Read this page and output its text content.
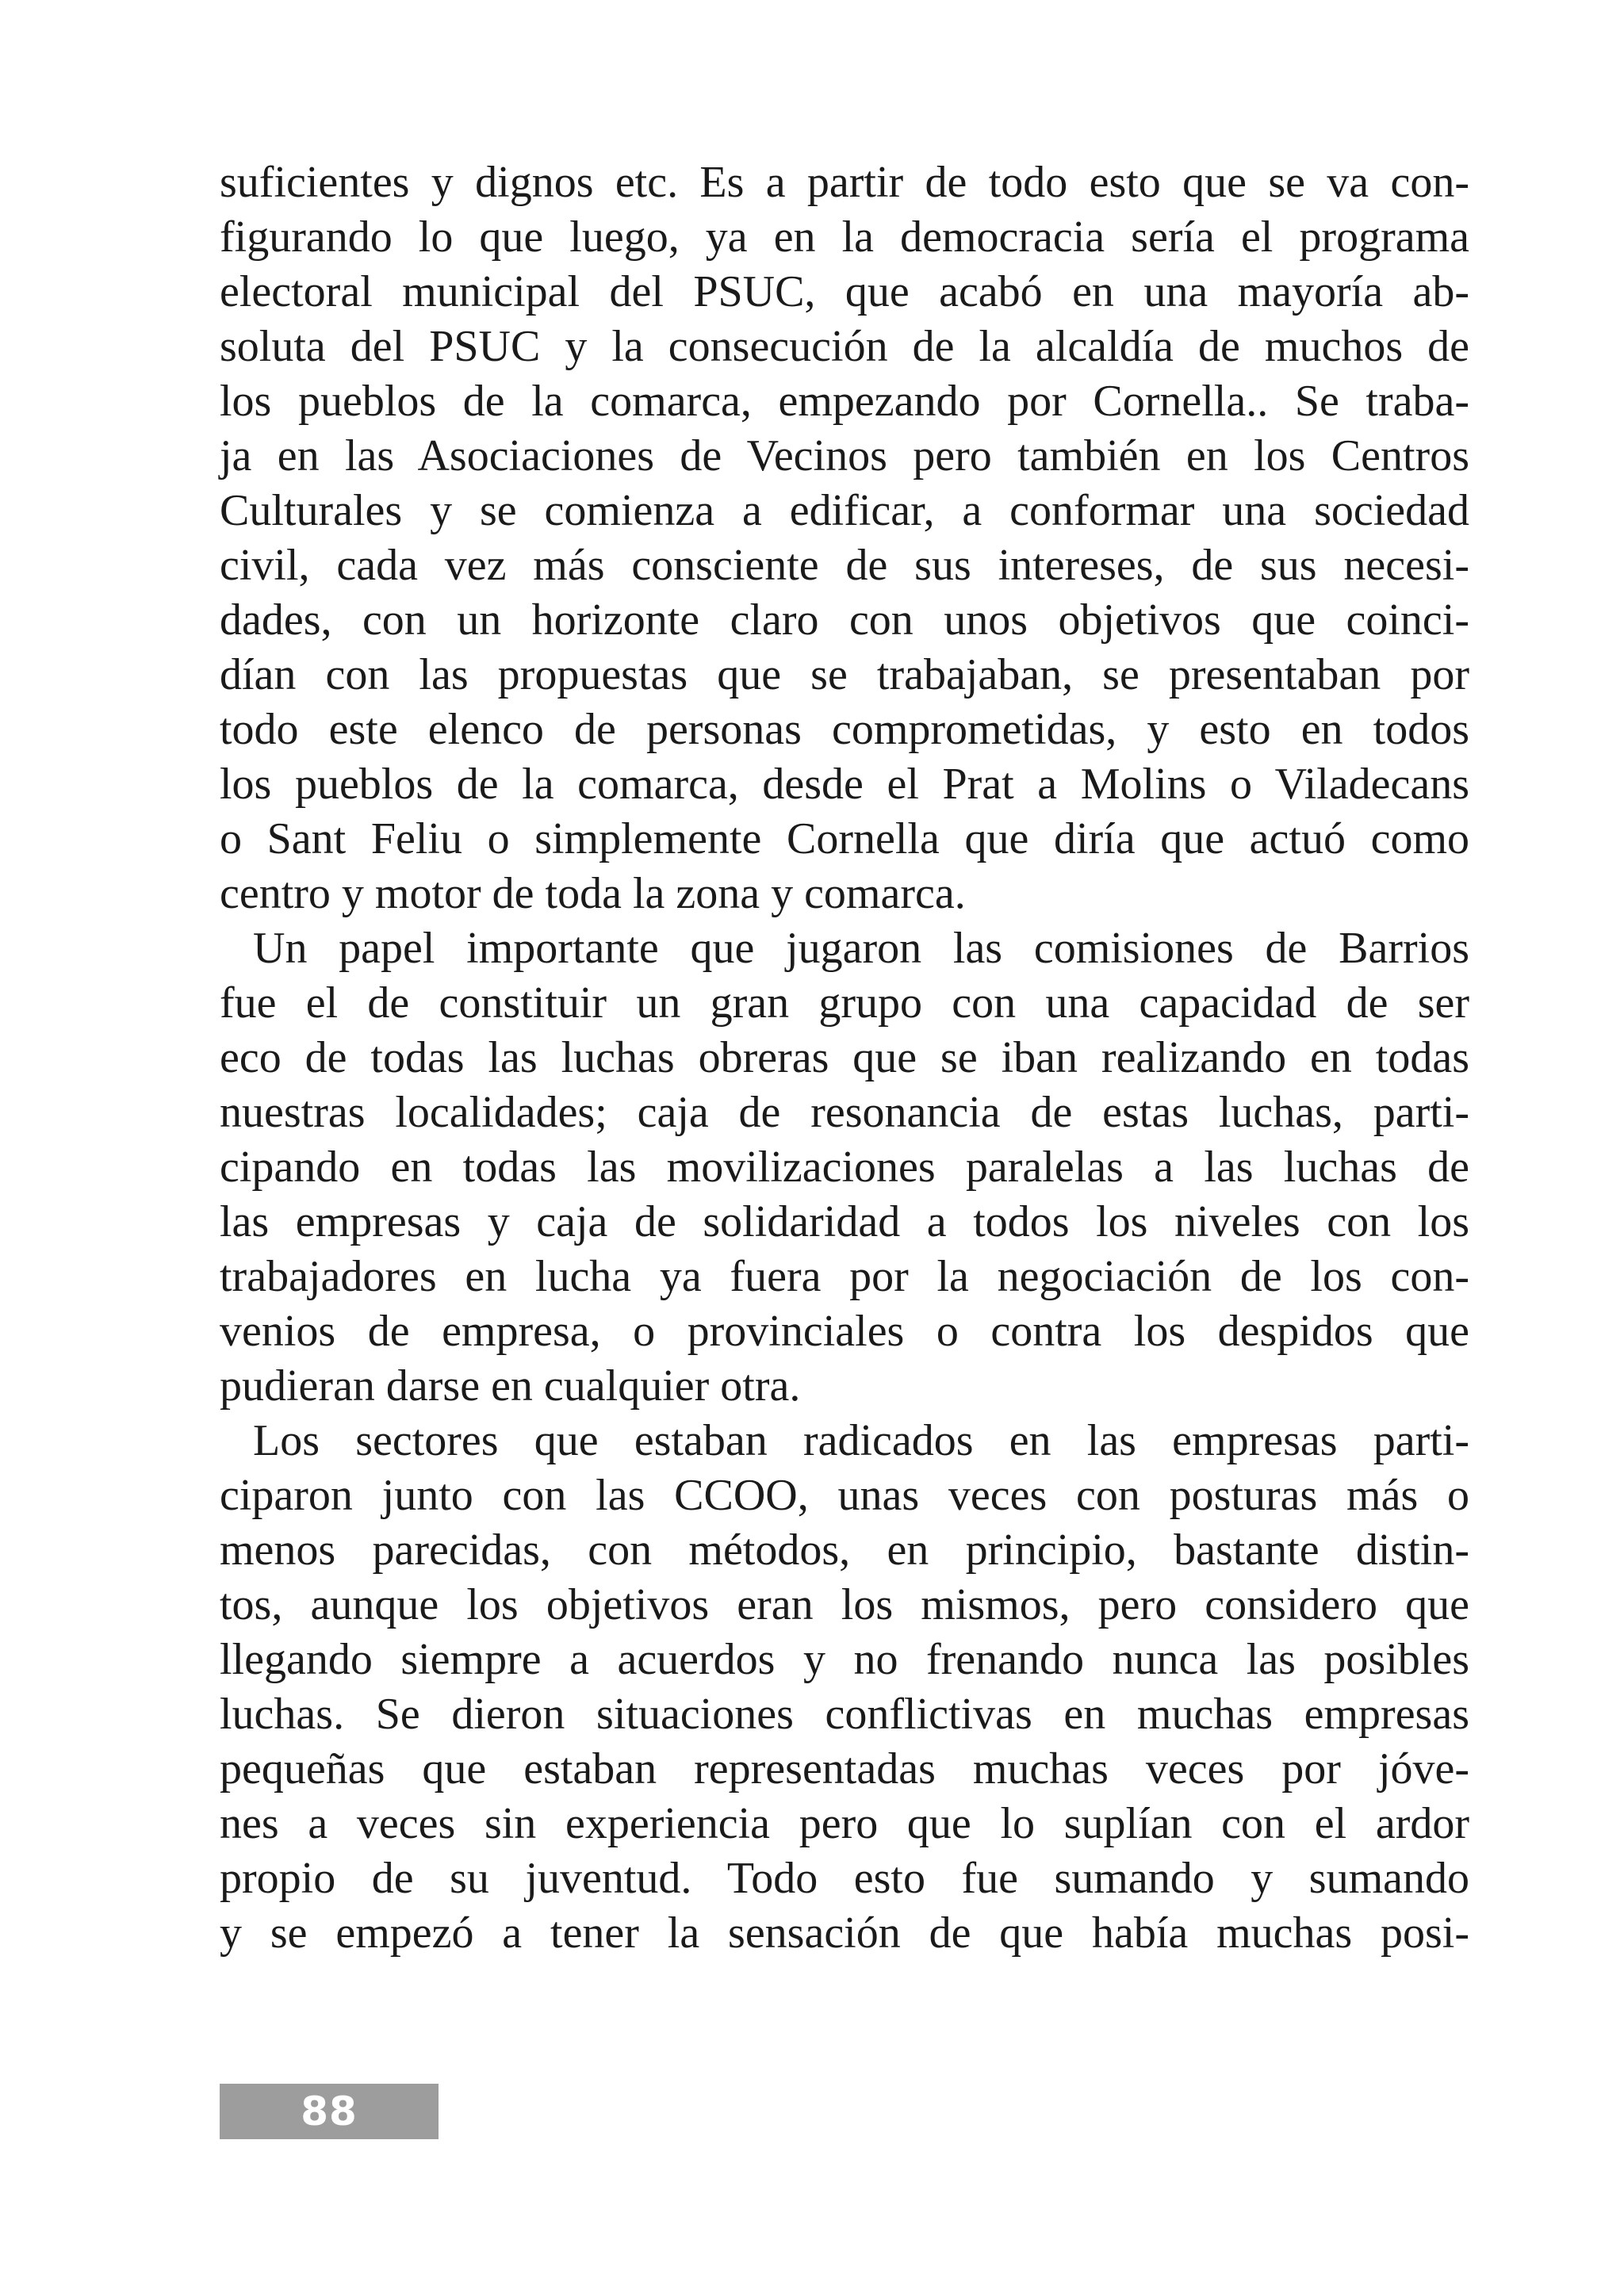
suficientes y dignos etc. Es a partir de todo esto que se va con-
figurando lo que luego, ya en la democracia sería el programa
electoral municipal del PSUC, que acabó en una mayoría ab-
soluta del PSUC y la consecución de la alcaldía de muchos de
los pueblos de la comarca, empezando por Cornella.. Se traba-
ja en las Asociaciones de Vecinos pero también en los Centros
Culturales y se comienza a edificar, a conformar una sociedad
civil, cada vez más consciente de sus intereses, de sus necesi-
dades, con un horizonte claro con unos objetivos que coinci-
dían con las propuestas que se trabajaban, se presentaban por
todo este elenco de personas comprometidas, y esto en todos
los pueblos de la comarca, desde el Prat a Molins o Viladecans
o Sant Feliu o simplemente Cornella que diría que actuó como
centro y motor de toda la zona y comarca.
Un papel importante que jugaron las comisiones de Barrios
fue el de constituir un gran grupo con una capacidad de ser
eco de todas las luchas obreras que se iban realizando en todas
nuestras localidades; caja de resonancia de estas luchas, parti-
cipando en todas las movilizaciones paralelas a las luchas de
las empresas y caja de solidaridad a todos los niveles con los
trabajadores en lucha ya fuera por la negociación de los con-
venios de empresa, o provinciales o contra los despidos que
pudieran darse en cualquier otra.
Los sectores que estaban radicados en las empresas parti-
ciparon junto con las CCOO, unas veces con posturas más o
menos parecidas, con métodos, en principio, bastante distin-
tos, aunque los objetivos eran los mismos, pero considero que
llegando siempre a acuerdos y no frenando nunca las posibles
luchas. Se dieron situaciones conflictivas en muchas empresas
pequeñas que estaban representadas muchas veces por jóve-
nes a veces sin experiencia pero que lo suplían con el ardor
propio de su juventud. Todo esto fue sumando y sumando
y se empezó a tener la sensación de que había muchas posi-
88
